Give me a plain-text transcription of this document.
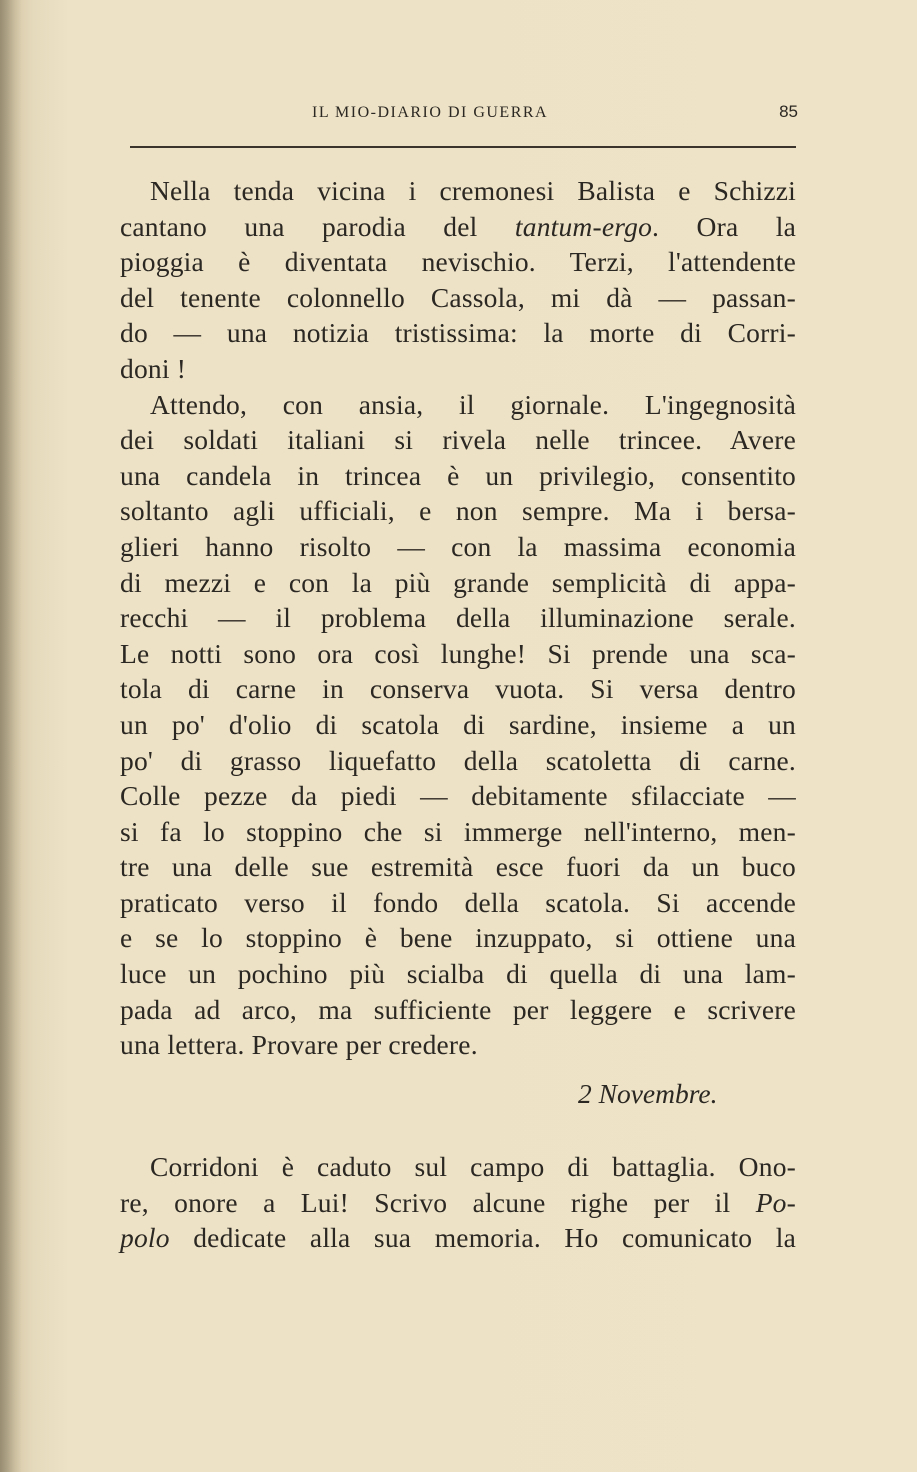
IL MIO-DIARIO DI GUERRA	85
Nella tenda vicina i cremonesi Balista e Schizzi
cantano una parodia del tantum-ergo. Ora la
pioggia è diventata nevischio. Terzi, l'attendente
del tenente colonnello Cassola, mi dà — passan-
do — una notizia tristissima: la morte di Corri-
doni !
Attendo, con ansia, il giornale. L'ingegnosità
dei soldati italiani si rivela nelle trincee. Avere
una candela in trincea è un privilegio, consentito
soltanto agli ufficiali, e non sempre. Ma i bersa-
glieri hanno risolto — con la massima economia
di mezzi e con la più grande semplicità di appa-
recchi — il problema della illuminazione serale.
Le notti sono ora così lunghe! Si prende una sca-
tola di carne in conserva vuota. Si versa dentro
un po' d'olio di scatola di sardine, insieme a un
po' di grasso liquefatto della scatoletta di carne.
Colle pezze da piedi — debitamente sfilacciate —
si fa lo stoppino che si immerge nell'interno, men-
tre una delle sue estremità esce fuori da un buco
praticato verso il fondo della scatola. Si accende
e se lo stoppino è bene inzuppato, si ottiene una
luce un pochino più scialba di quella di una lam-
pada ad arco, ma sufficiente per leggere e scrivere
una lettera. Provare per credere.
2 Novembre.
Corridoni è caduto sul campo di battaglia. Ono-
re, onore a Lui! Scrivo alcune righe per il Po-
polo dedicate alla sua memoria. Ho comunicato la
